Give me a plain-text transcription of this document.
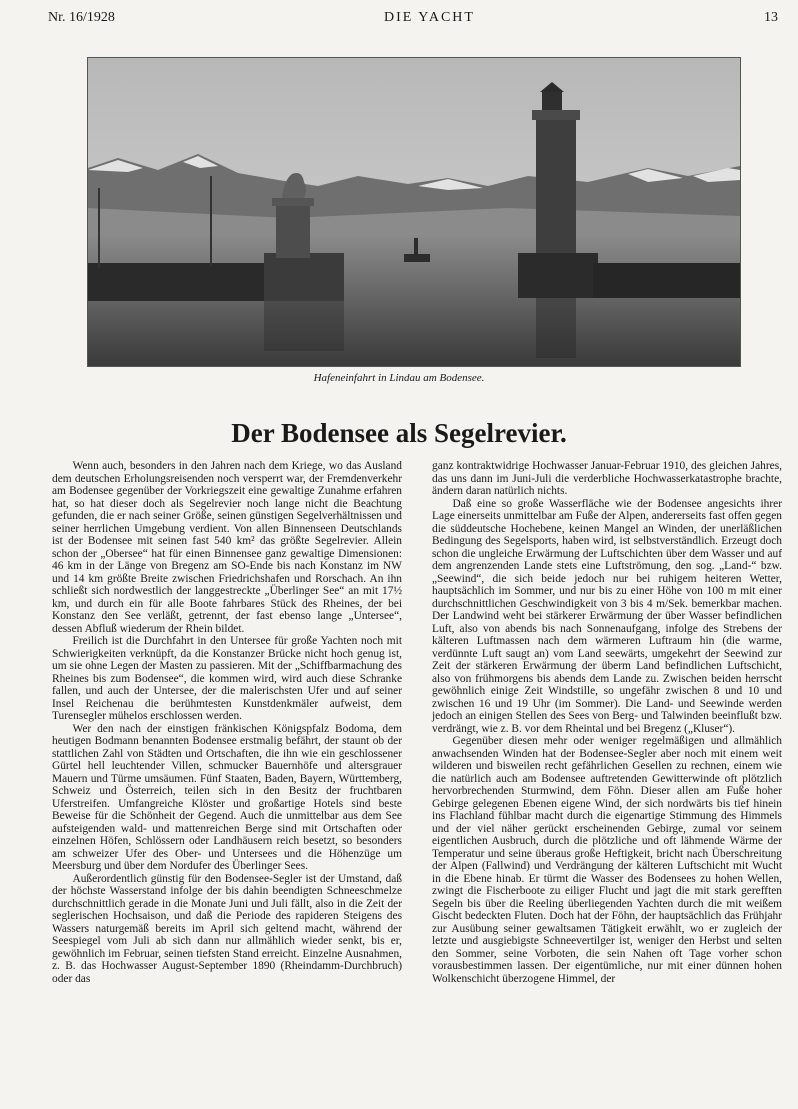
Nr. 16/1928	DIE YACHT	13
Hafeneinfahrt in Lindau am Bodensee.
Der Bodensee als Segelrevier.

Wenn auch, besonders in den Jahren nach dem Kriege, wo das Ausland dem deutschen Erholungsreisenden noch versperrt war, der Fremdenverkehr am Bodensee gegenüber der Vorkriegszeit eine gewaltige Zunahme erfahren hat, so hat dieser doch als Segelrevier noch lange nicht die Beachtung gefunden, die er nach seiner Größe, seinen günstigen Segelverhältnissen und seiner herrlichen Umgebung verdient. Von allen Binnenseen Deutschlands ist der Bodensee mit seinen fast 540 km² das größte Segelrevier. Allein schon der „Obersee“ hat für einen Binnensee ganz gewaltige Dimensionen: 46 km in der Länge von Bregenz am SO-Ende bis nach Konstanz im NW und 14 km größte Breite zwischen Friedrichshafen und Rorschach. An ihn schließt sich nordwestlich der langgestreckte „Überlinger See“ an mit 17½ km, und durch ein für alle Boote fahrbares Stück des Rheines, der bei Konstanz den See verläßt, getrennt, der fast ebenso lange „Untersee“, dessen Abfluß wiederum der Rhein bildet.

Freilich ist die Durchfahrt in den Untersee für große Yachten noch mit Schwierigkeiten verknüpft, da die Konstanzer Brücke nicht hoch genug ist, um sie ohne Legen der Masten zu passieren. Mit der „Schiffbarmachung des Rheines bis zum Bodensee“, die kommen wird, wird auch diese Schranke fallen, und auch der Untersee, der die malerischsten Ufer und auf seiner Insel Reichenau die berühmtesten Kunstdenkmäler aufweist, dem Turensegler mühelos erschlossen werden.

Wer den nach der einstigen fränkischen Königspfalz Bodoma, dem heutigen Bodmann benannten Bodensee erstmalig befährt, der staunt ob der stattlichen Zahl von Städten und Ortschaften, die ihn wie ein geschlossener Gürtel hell leuchtender Villen, schmucker Bauernhöfe und altersgrauer Mauern und Türme umsäumen. Fünf Staaten, Baden, Bayern, Württemberg, Schweiz und Österreich, teilen sich in den Besitz der fruchtbaren Uferstreifen. Umfangreiche Klöster und großartige Hotels sind beste Beweise für die Schönheit der Gegend. Auch die unmittelbar aus dem See aufsteigenden wald- und mattenreichen Berge sind mit Ortschaften oder einzelnen Höfen, Schlössern oder Landhäusern reich besetzt, so besonders am schweizer Ufer des Ober- und Untersees und die Höhenzüge um Meersburg und über dem Nordufer des Überlinger Sees.

Außerordentlich günstig für den Bodensee-Segler ist der Umstand, daß der höchste Wasserstand infolge der bis dahin beendigten Schneeschmelze durchschnittlich gerade in die Monate Juni und Juli fällt, also in die Zeit der seglerischen Hochsaison, und daß die Periode des rapideren Steigens des Wassers naturgemäß bereits im April sich geltend macht, während der Seespiegel vom Juli ab sich dann nur allmählich wieder senkt, bis er, gewöhnlich im Februar, seinen tiefsten Stand erreicht. Einzelne Ausnahmen, z. B. das Hochwasser August-September 1890 (Rheindamm-Durchbruch) oder das

ganz kontraktwidrige Hochwasser Januar-Februar 1910, des gleichen Jahres, das uns dann im Juni-Juli die verderbliche Hochwasserkatastrophe brachte, ändern daran natürlich nichts.

Daß eine so große Wasserfläche wie der Bodensee angesichts ihrer Lage einerseits unmittelbar am Fuße der Alpen, andererseits fast offen gegen die süddeutsche Hochebene, keinen Mangel an Winden, der unerläßlichen Bedingung des Segelsports, haben wird, ist selbstverständlich. Erzeugt doch schon die ungleiche Erwärmung der Luftschichten über dem Wasser und auf dem angrenzenden Lande stets eine Luftströmung, den sog. „Land-“ bzw. „Seewind“, die sich beide jedoch nur bei ruhigem heiteren Wetter, hauptsächlich im Sommer, und nur bis zu einer Höhe von 100 m mit einer durchschnittlichen Geschwindigkeit von 3 bis 4 m/Sek. bemerkbar machen. Der Landwind weht bei stärkerer Erwärmung der über Wasser befindlichen Luft, also von abends bis nach Sonnenaufgang, infolge des Strebens der kälteren Luftmassen nach dem wärmeren Luftraum hin (die warme, verdünnte Luft saugt an) vom Land seewärts, umgekehrt der Seewind zur Zeit der stärkeren Erwärmung der überm Land befindlichen Luftschicht, also von frühmorgens bis abends dem Lande zu. Zwischen beiden herrscht gewöhnlich einige Zeit Windstille, so ungefähr zwischen 8 und 10 und zwischen 16 und 19 Uhr (im Sommer). Die Land- und Seewinde werden jedoch an einigen Stellen des Sees von Berg- und Talwinden beeinflußt bzw. verdrängt, wie z. B. vor dem Rheintal und bei Bregenz („Kluser“).

Gegenüber diesen mehr oder weniger regelmäßigen und allmählich anwachsenden Winden hat der Bodensee-Segler aber noch mit einem weit wilderen und bisweilen recht gefährlichen Gesellen zu rechnen, einem wie die natürlich auch am Bodensee auftretenden Gewitterwinde oft plötzlich hervorbrechenden Sturmwind, dem Föhn. Dieser allen am Fuße hoher Gebirge gelegenen Ebenen eigene Wind, der sich nordwärts bis tief hinein ins Flachland fühlbar macht durch die eigenartige Stimmung des Himmels und der viel näher gerückt erscheinenden Gebirge, zumal vor seinem eigentlichen Ausbruch, durch die plötzliche und oft lähmende Wärme der Temperatur und seine überaus große Heftigkeit, bricht nach Überschreitung der Alpen (Fallwind) und Verdrängung der kälteren Luftschicht mit Wucht in die Ebene hinab. Er türmt die Wasser des Bodensees zu hohen Wellen, zwingt die Fischerboote zu eiliger Flucht und jagt die mit stark gerefften Segeln bis über die Reeling überliegenden Yachten durch die mit weißem Gischt bedeckten Fluten. Doch hat der Föhn, der hauptsächlich das Frühjahr zur Ausübung seiner gewaltsamen Tätigkeit erwählt, wo er zugleich der letzte und ausgiebigste Schneevertilger ist, weniger den Herbst und selten den Sommer, seine Vorboten, die sein Nahen oft Tage vorher schon vorausbestimmen lassen. Der eigentümliche, nur mit einer dünnen hohen Wolkenschicht überzogene Himmel, der
